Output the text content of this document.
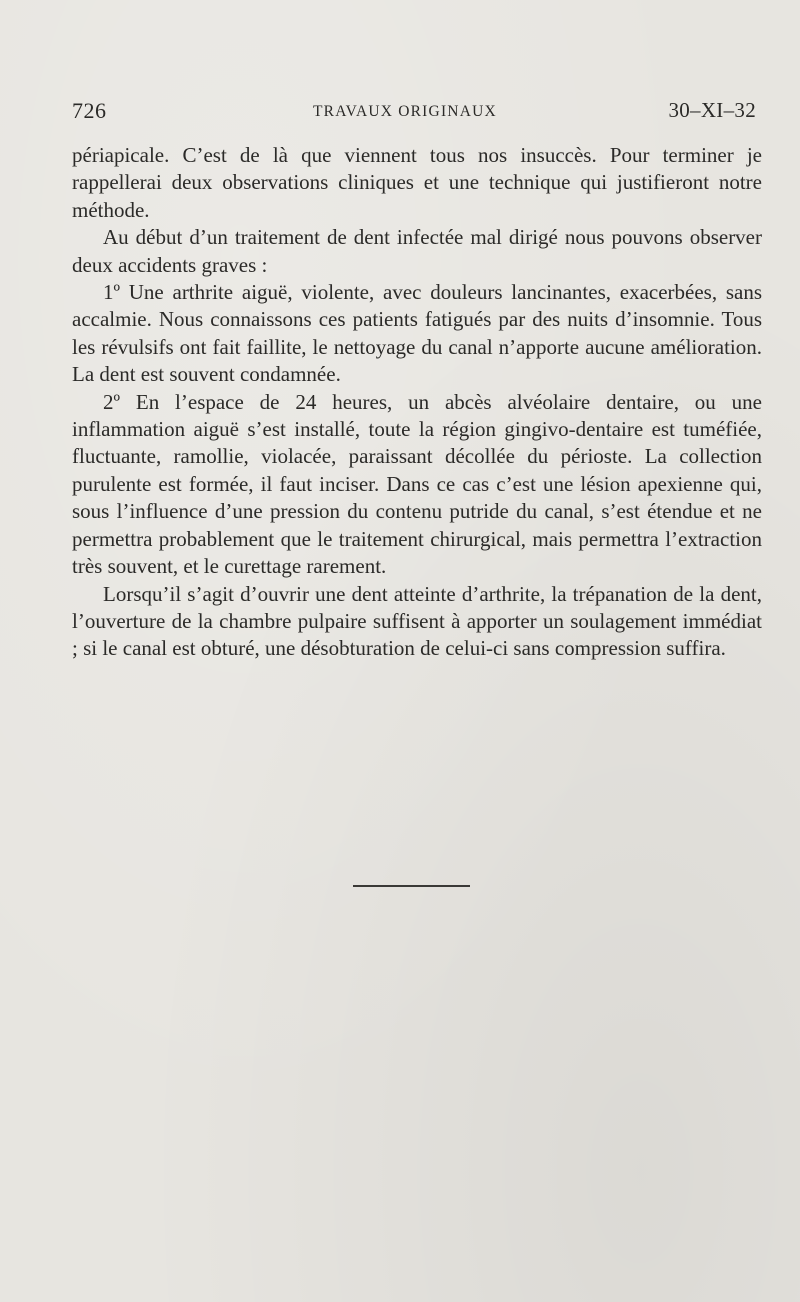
726	TRAVAUX ORIGINAUX	30–XI–32

périapicale. C’est de là que viennent tous nos insuccès. Pour terminer je rappellerai deux observations cliniques et une technique qui justifieront notre méthode.

Au début d’un traitement de dent infectée mal dirigé nous pouvons observer deux accidents graves :

1º Une arthrite aiguë, violente, avec douleurs lancinantes, exacerbées, sans accalmie. Nous connaissons ces patients fatigués par des nuits d’insomnie. Tous les révulsifs ont fait faillite, le nettoyage du canal n’apporte aucune amélioration. La dent est souvent condamnée.

2º En l’espace de 24 heures, un abcès alvéolaire dentaire, ou une inflammation aiguë s’est installé, toute la région gingivo-dentaire est tuméfiée, fluctuante, ramollie, violacée, paraissant décollée du périoste. La collection purulente est formée, il faut inciser. Dans ce cas c’est une lésion apexienne qui, sous l’influence d’une pression du contenu putride du canal, s’est étendue et ne permettra probablement que le traitement chirurgical, mais permettra l’extraction très souvent, et le curettage rarement.

Lorsqu’il s’agit d’ouvrir une dent atteinte d’arthrite, la trépanation de la dent, l’ouverture de la chambre pulpaire suffisent à apporter un soulagement immédiat ; si le canal est obturé, une désobturation de celui-ci sans compression suffira.
